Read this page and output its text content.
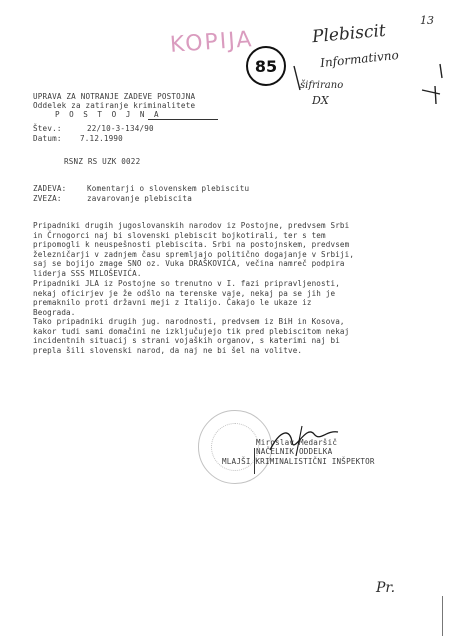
13
Plebiscit
Informativno
šifrirano
DX
KOPIJA
85
UPRAVA ZA NOTRANJE ZADEVE POSTOJNA
Oddelek za zatiranje kriminalitete
P O S T O J N A
Štev.:	22/10-3-134/90
Datum: 7.12.1990
RSNZ RS UZK 0022
ZADEVA:	Komentarji o slovenskem plebiscitu
ZVEZA:	zavarovanje plebiscita
Pripadniki drugih jugoslovanskih narodov iz Postojne, predvsem Srbi
in Črnogorci naj bi slovenski plebiscit bojkotirali, ter s tem
pripomogli k neuspešnosti plebiscita. Srbi na postojnskem, predvsem
železničarji v zadnjem času spremljajo politično dogajanje v Srbiji,
saj se bojijo zmage SNO oz. Vuka DRAŠKOVIĆA, večina namreč podpira
liderja SSS MILOŠEVIĆA.
Pripadniki JLA iz Postojne so trenutno v I. fazi pripravljenosti,
nekaj oficirjev je že odšlo na terenske vaje, nekaj pa se jih je
premaknilo proti državni meji z Italijo. Čakajo le ukaze iz
Beograda.
Tako pripadniki drugih jug. narodnosti, predvsem iz BiH in Kosova,
kakor tudi sami domačini ne izključujejo tik pred plebiscitom nekaj
incidentnih situacij s strani vojaških organov, s katerimi naj bi
prepla šili slovenski narod, da naj ne bi šel na volitve.
Miroslav Medaršič
NAČELNIK ODDELKA
MLAJŠI KRIMINALISTIČNI INŠPEKTOR
Pr.
